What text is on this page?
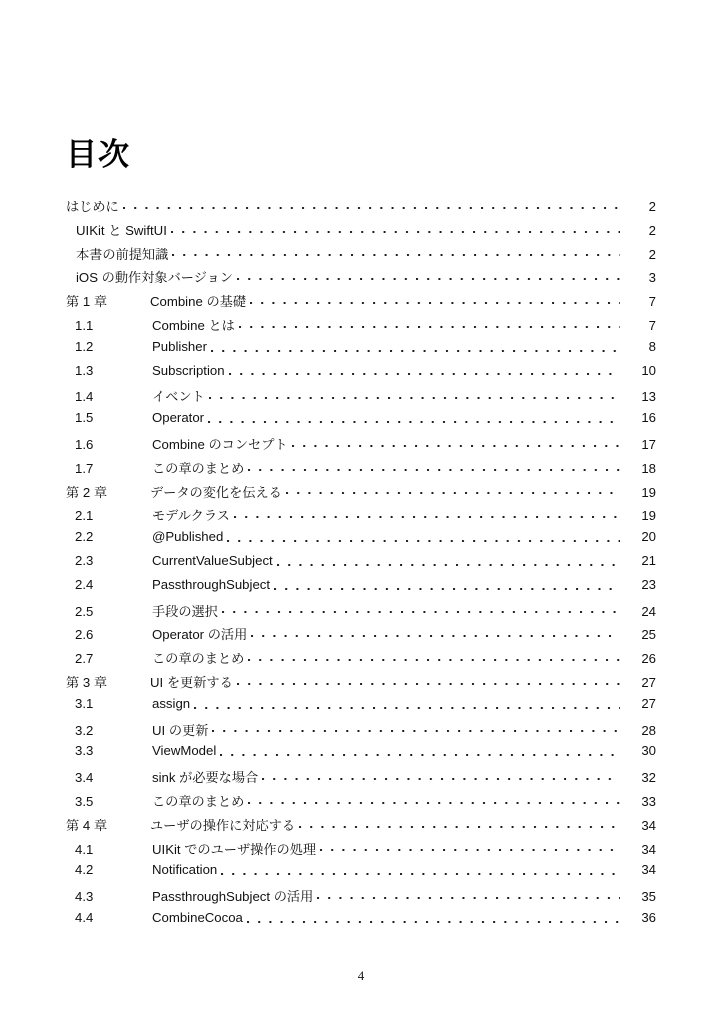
目次
はじめに	2
UIKit と SwiftUI	2
本書の前提知識	2
iOS の動作対象バージョン	3
第 1 章	Combine の基礎	7
1.1	Combine とは	7
1.2	Publisher	8
1.3	Subscription	10
1.4	イベント	13
1.5	Operator	16
1.6	Combine のコンセプト	17
1.7	この章のまとめ	18
第 2 章	データの変化を伝える	19
2.1	モデルクラス	19
2.2	@Published	20
2.3	CurrentValueSubject	21
2.4	PassthroughSubject	23
2.5	手段の選択	24
2.6	Operator の活用	25
2.7	この章のまとめ	26
第 3 章	UI を更新する	27
3.1	assign	27
3.2	UI の更新	28
3.3	ViewModel	30
3.4	sink が必要な場合	32
3.5	この章のまとめ	33
第 4 章	ユーザの操作に対応する	34
4.1	UIKit でのユーザ操作の処理	34
4.2	Notification	34
4.3	PassthroughSubject の活用	35
4.4	CombineCocoa	36
4
